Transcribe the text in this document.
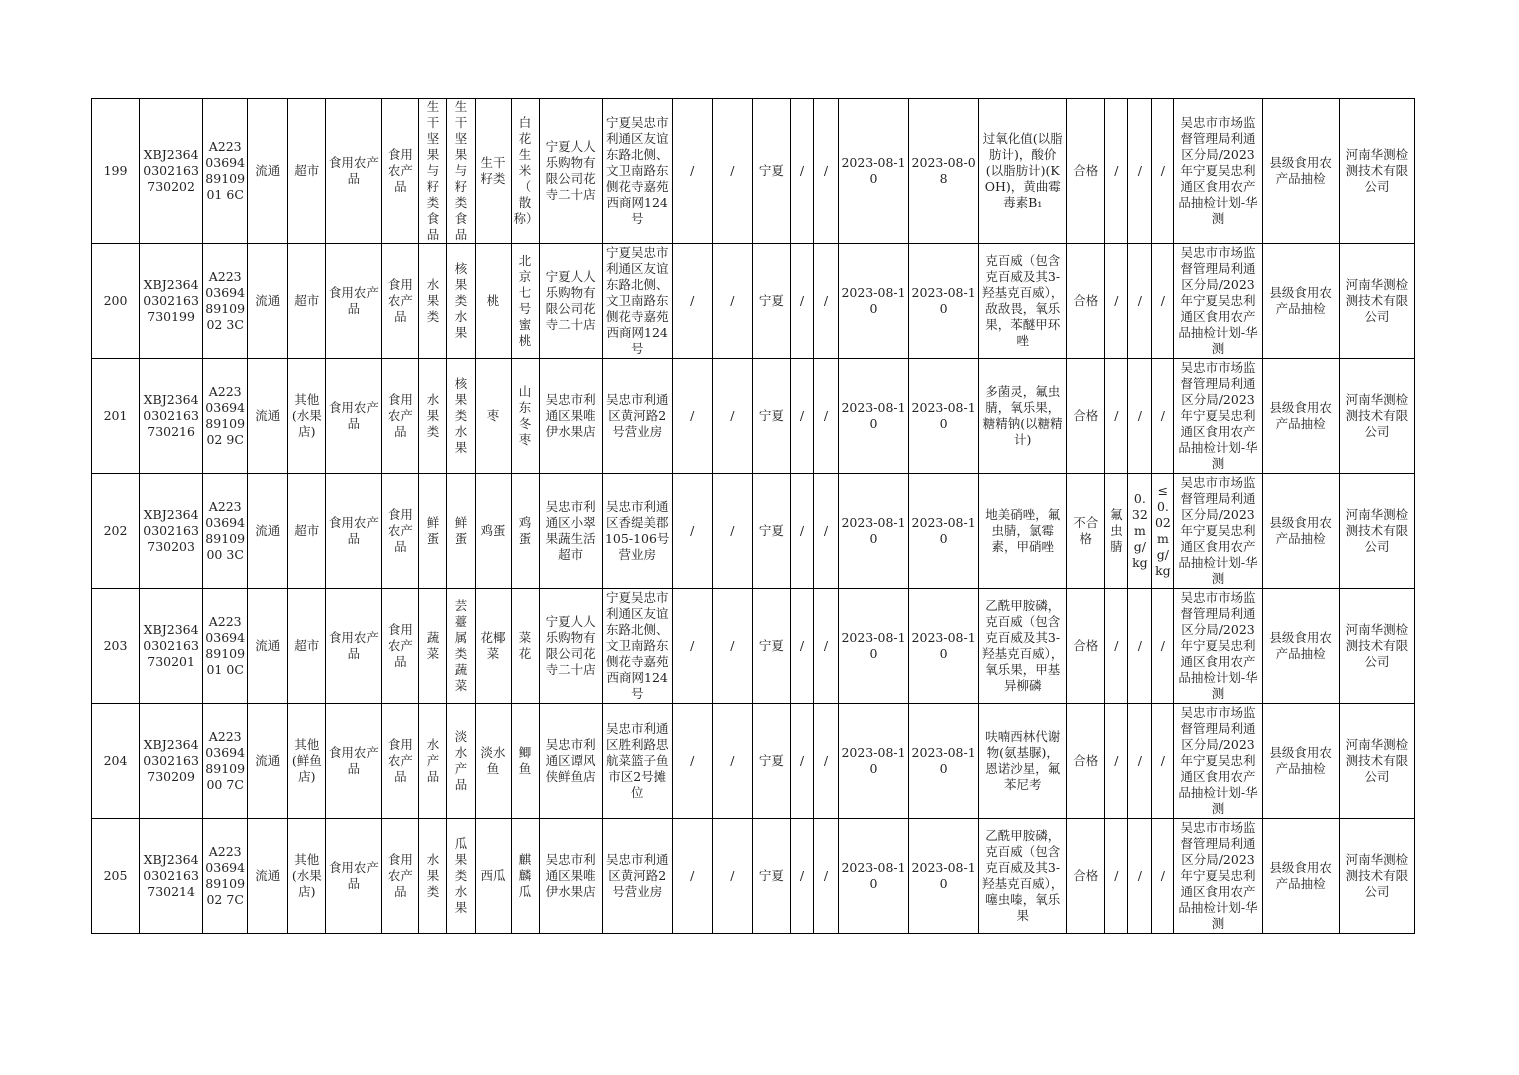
199	XBJ23640302163730202	A223036948910901 6C	流通	超市	食用农产品	食用农产品	生干坚果与籽类食品	生干坚果与籽类食品	生干籽类	白花生米（散称）	宁夏人人乐购物有限公司花寺二十店	宁夏吴忠市利通区友谊东路北侧、文卫南路东侧花寺嘉苑西商网124号	/	/	宁夏	/	/	2023-08-10	2023-08-08	过氧化值(以脂肪计)，酸价(以脂肪计)(KOH)，黄曲霉毒素B₁	合格	/	/	/	吴忠市市场监督管理局利通区分局/2023年宁夏吴忠利通区食用农产品抽检计划-华测	县级食用农产品抽检	河南华测检测技术有限公司
200	XBJ23640302163730199	A223036948910902 3C	流通	超市	食用农产品	食用农产品	水果类	核果类水果	桃	北京七号蜜桃	宁夏人人乐购物有限公司花寺二十店	宁夏吴忠市利通区友谊东路北侧、文卫南路东侧花寺嘉苑西商网124号	/	/	宁夏	/	/	2023-08-10	2023-08-10	克百威（包含克百威及其3-羟基克百威），敌敌畏，氧乐果，苯醚甲环唑	合格	/	/	/	吴忠市市场监督管理局利通区分局/2023年宁夏吴忠利通区食用农产品抽检计划-华测	县级食用农产品抽检	河南华测检测技术有限公司
201	XBJ23640302163730216	A223036948910902 9C	流通	其他(水果店)	食用农产品	食用农产品	水果类	核果类水果	枣	山东冬枣	吴忠市利通区果唯伊水果店	吴忠市利通区黄河路2号营业房	/	/	宁夏	/	/	2023-08-10	2023-08-10	多菌灵，氟虫腈，氧乐果，糖精钠(以糖精计)	合格	/	/	/	吴忠市市场监督管理局利通区分局/2023年宁夏吴忠利通区食用农产品抽检计划-华测	县级食用农产品抽检	河南华测检测技术有限公司
202	XBJ23640302163730203	A223036948910900 3C	流通	超市	食用农产品	食用农产品	鲜蛋	鲜蛋	鸡蛋	鸡蛋	吴忠市利通区小翠果蔬生活超市	吴忠市利通区香缇美郡105-106号营业房	/	/	宁夏	/	/	2023-08-10	2023-08-10	地美硝唑，氟虫腈，氯霉素，甲硝唑	不合格	氟虫腈	0.32mg/kg	≤0.02mg/kg	吴忠市市场监督管理局利通区分局/2023年宁夏吴忠利通区食用农产品抽检计划-华测	县级食用农产品抽检	河南华测检测技术有限公司
203	XBJ23640302163730201	A223036948910901 0C	流通	超市	食用农产品	食用农产品	蔬菜	芸薹属类蔬菜	花椰菜	菜花	宁夏人人乐购物有限公司花寺二十店	宁夏吴忠市利通区友谊东路北侧、文卫南路东侧花寺嘉苑西商网124号	/	/	宁夏	/	/	2023-08-10	2023-08-10	乙酰甲胺磷，克百威（包含克百威及其3-羟基克百威），氧乐果，甲基异柳磷	合格	/	/	/	吴忠市市场监督管理局利通区分局/2023年宁夏吴忠利通区食用农产品抽检计划-华测	县级食用农产品抽检	河南华测检测技术有限公司
204	XBJ23640302163730209	A223036948910900 7C	流通	其他(鲜鱼店)	食用农产品	食用农产品	水产品	淡水产品	淡水鱼	鲫鱼	吴忠市利通区谭风侠鲜鱼店	吴忠市利通区胜利路思航菜篮子鱼市区2号摊位	/	/	宁夏	/	/	2023-08-10	2023-08-10	呋喃西林代谢物(氨基脲)，恩诺沙星，氟苯尼考	合格	/	/	/	吴忠市市场监督管理局利通区分局/2023年宁夏吴忠利通区食用农产品抽检计划-华测	县级食用农产品抽检	河南华测检测技术有限公司
205	XBJ23640302163730214	A223036948910902 7C	流通	其他(水果店)	食用农产品	食用农产品	水果类	瓜果类水果	西瓜	麒麟瓜	吴忠市利通区果唯伊水果店	吴忠市利通区黄河路2号营业房	/	/	宁夏	/	/	2023-08-10	2023-08-10	乙酰甲胺磷，克百威（包含克百威及其3-羟基克百威），噻虫嗪，氧乐果	合格	/	/	/	吴忠市市场监督管理局利通区分局/2023年宁夏吴忠利通区食用农产品抽检计划-华测	县级食用农产品抽检	河南华测检测技术有限公司
